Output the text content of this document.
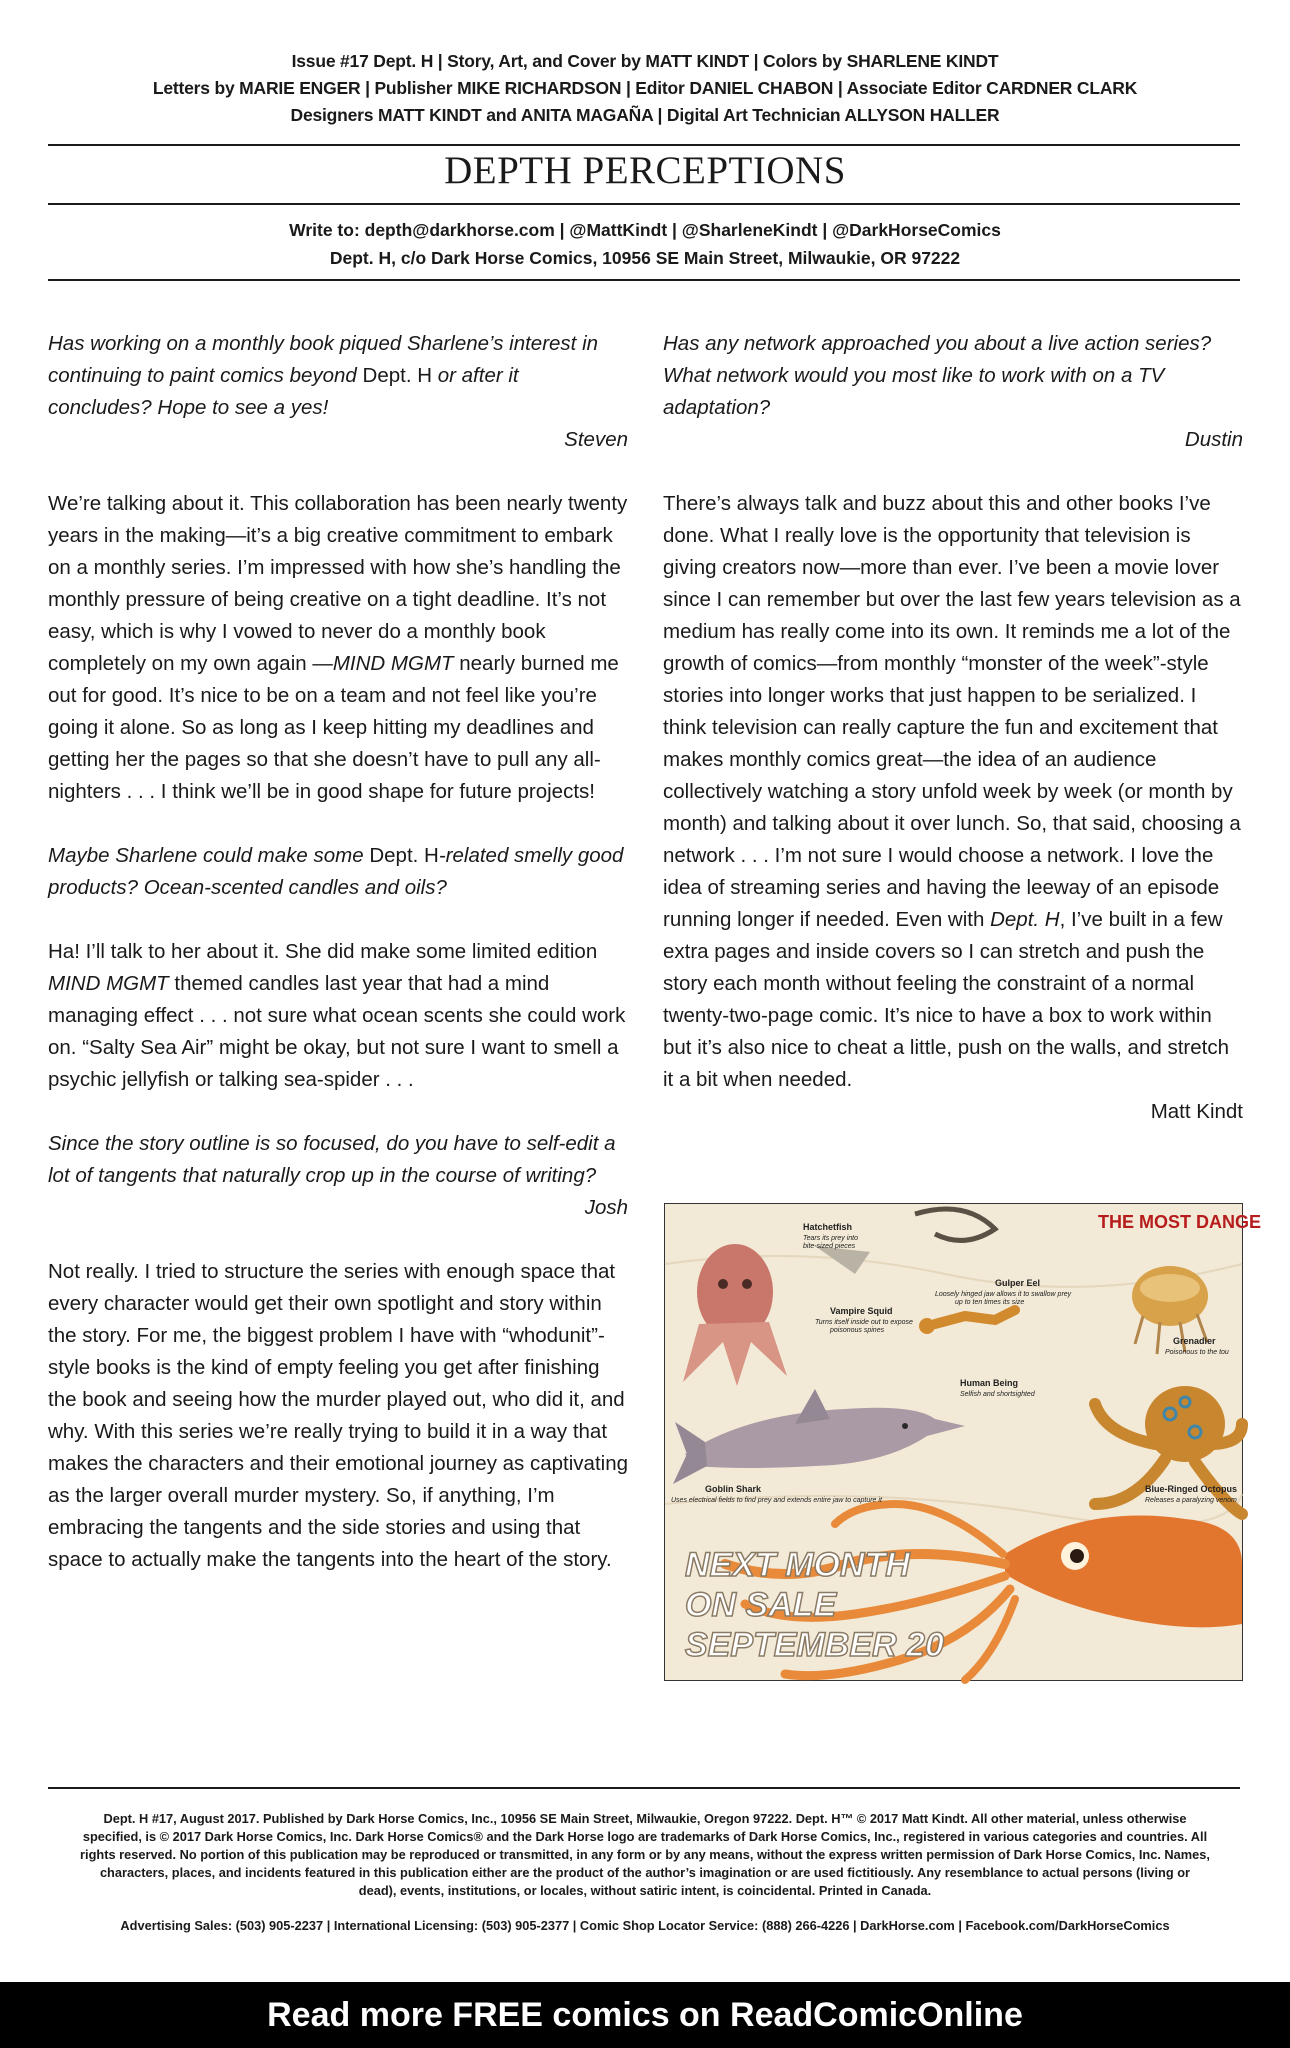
Issue #17 Dept. H | Story, Art, and Cover by MATT KINDT | Colors by SHARLENE KINDT
Letters by MARIE ENGER | Publisher MIKE RICHARDSON | Editor DANIEL CHABON | Associate Editor CARDNER CLARK
Designers MATT KINDT and ANITA MAGAÑA | Digital Art Technician ALLYSON HALLER
DEPTH PERCEPTIONS
Write to: depth@darkhorse.com | @MattKindt | @SharleneKindt | @DarkHorseComics
Dept. H, c/o Dark Horse Comics, 10956 SE Main Street, Milwaukie, OR 97222

Has working on a monthly book piqued Sharlene’s interest in continuing to paint comics beyond Dept. H or after it concludes? Hope to see a yes!

Steven

We’re talking about it. This collaboration has been nearly twenty years in the making—it’s a big creative commitment to embark on a monthly series. I’m impressed with how she’s handling the monthly pressure of being creative on a tight deadline. It’s not easy, which is why I vowed to never do a monthly book completely on my own again —MIND MGMT nearly burned me out for good. It’s nice to be on a team and not feel like you’re going it alone. So as long as I keep hitting my deadlines and getting her the pages so that she doesn’t have to pull any all-nighters . . . I think we’ll be in good shape for future projects!

Maybe Sharlene could make some Dept. H-related smelly good products? Ocean-scented candles and oils?

Ha! I’ll talk to her about it. She did make some limited edition MIND MGMT themed candles last year that had a mind managing effect . . . not sure what ocean scents she could work on. “Salty Sea Air” might be okay, but not sure I want to smell a psychic jellyfish or talking sea-spider . . .

Since the story outline is so focused, do you have to self-edit a lot of tangents that naturally crop up in the course of writing?

Josh

Not really. I tried to structure the series with enough space that every character would get their own spotlight and story within the story. For me, the biggest problem I have with “whodunit”-style books is the kind of empty feeling you get after finishing the book and seeing how the murder played out, who did it, and why. With this series we’re really trying to build it in a way that makes the characters and their emotional journey as captivating as the larger overall murder mystery. So, if anything, I’m embracing the tangents and the side stories and using that space to actually make the tangents into the heart of the story.

Has any network approached you about a live action series? What network would you most like to work with on a TV adaptation?

Dustin

There’s always talk and buzz about this and other books I’ve done. What I really love is the opportunity that television is giving creators now—more than ever. I’ve been a movie lover since I can remember but over the last few years television as a medium has really come into its own. It reminds me a lot of the growth of comics—from monthly “monster of the week”-style stories into longer works that just happen to be serialized. I think television can really capture the fun and excitement that makes monthly comics great—the idea of an audience collectively watching a story unfold week by week (or month by month) and talking about it over lunch. So, that said, choosing a network . . . I’m not sure I would choose a network. I love the idea of streaming series and having the leeway of an episode running longer if needed. Even with Dept. H, I’ve built in a few extra pages and inside covers so I can stretch and push the story each month without feeling the constraint of a normal twenty-two-page comic. It’s nice to have a box to work within but it’s also nice to cheat a little, push on the walls, and stretch it a bit when needed.

Matt Kindt

THE MOST DANGE
Hatchetfish
Tears its prey into
bite-sized pieces
Gulper Eel
Loosely hinged jaw allows it to swallow prey
up to ten times its size
Vampire Squid
Turns itself inside out to expose
poisonous spines
Grenadier
Poisonous to the tou
Human Being
Selfish and shortsighted
Goblin Shark
Uses electrical fields to find prey and extends entire jaw to capture it
Blue-Ringed Octopus
Releases a paralyzing venom
NEXT MONTH
ON SALE
SEPTEMBER 20
Dept. H #17, August 2017. Published by Dark Horse Comics, Inc., 10956 SE Main Street, Milwaukie, Oregon 97222. Dept. H™ © 2017 Matt Kindt. All other material, unless otherwise specified, is © 2017 Dark Horse Comics, Inc. Dark Horse Comics® and the Dark Horse logo are trademarks of Dark Horse Comics, Inc., registered in various categories and countries. All rights reserved. No portion of this publication may be reproduced or transmitted, in any form or by any means, without the express written permission of Dark Horse Comics, Inc. Names, characters, places, and incidents featured in this publication either are the product of the author’s imagination or are used fictitiously. Any resemblance to actual persons (living or dead), events, institutions, or locales, without satiric intent, is coincidental. Printed in Canada.
Advertising Sales: (503) 905-2237 | International Licensing: (503) 905-2377 | Comic Shop Locator Service: (888) 266-4226 | DarkHorse.com | Facebook.com/DarkHorseComics
Read more FREE comics on ReadComicOnline
